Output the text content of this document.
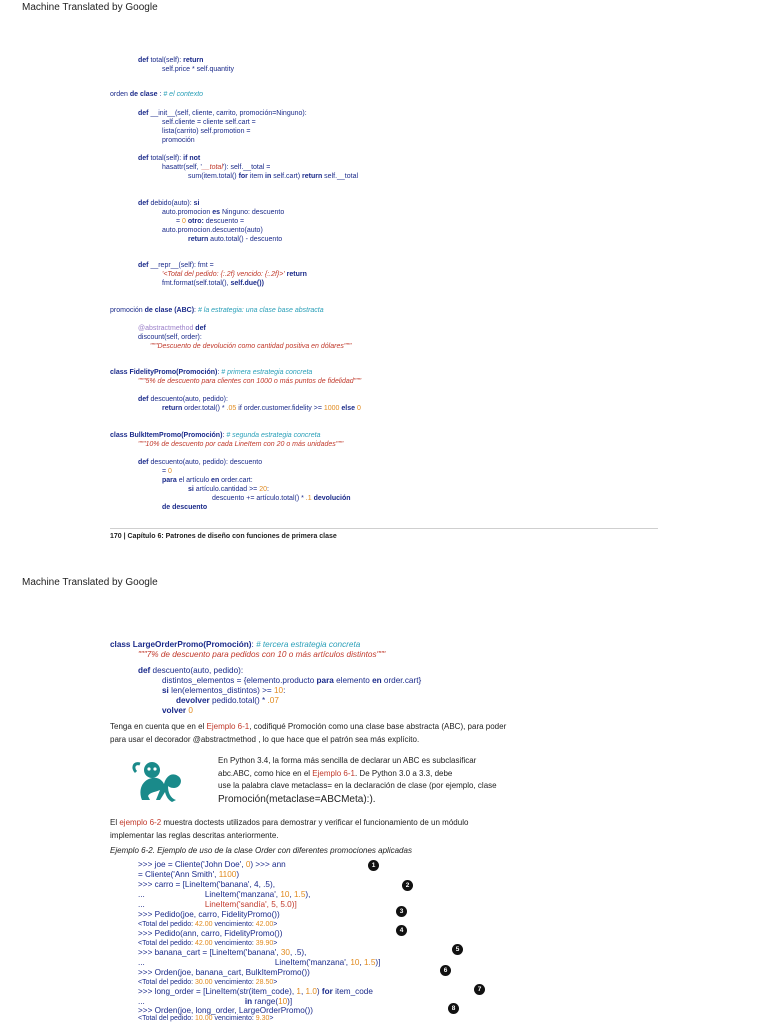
Machine Translated by Google
def total(self): return
self.price * self.quantity
orden de clase : # el contexto
def __init__(self, cliente, carrito, promoción=Ninguno):
self.cliente = cliente self.cart =
lista(carrito) self.promotion =
promoción
def total(self): if not
hasattr(self, '__total'): self.__total =
sum(item.total() for item in self.cart) return self.__total
def debido(auto): si
auto.promocion es Ninguno: descuento
= 0 otro: descuento =
auto.promocion.descuento(auto)
return auto.total() - descuento
def __repr__(self): fmt =
'<Total del pedido: {:.2f} vencido: {:.2f}>' return
fmt.format(self.total(), self.due())
promoción de clase (ABC): # la estrategia: una clase base abstracta
@abstractmethod def
discount(self, order):
"""Descuento de devolución como cantidad positiva en dólares"""
class FidelityPromo(Promoción): # primera estrategia concreta
"""5% de descuento para clientes con 1000 o más puntos de fidelidad"""
def descuento(auto, pedido):
return order.total() * .05 if order.customer.fidelity >= 1000 else 0
class BulkItemPromo(Promoción): # segunda estrategia concreta
"""10% de descuento por cada LineItem con 20 o más unidades"""
def descuento(auto, pedido): descuento
= 0
para el artículo en order.cart:
si artículo.cantidad >= 20:
descuento += artículo.total() * .1 devolución
de descuento
170 | Capítulo 6: Patrones de diseño con funciones de primera clase
Machine Translated by Google
class LargeOrderPromo(Promoción): # tercera estrategia concreta
"""7% de descuento para pedidos con 10 o más artículos distintos"""
def descuento(auto, pedido):
distintos_elementos = {elemento.producto para elemento en order.cart}
si len(elementos_distintos) >= 10:
devolver pedido.total() * .07
volver 0
Tenga en cuenta que en el Ejemplo 6-1, codifiqué Promoción como una clase base abstracta (ABC), para poder
para usar el decorador @abstractmethod , lo que hace que el patrón sea más explícito.
En Python 3.4, la forma más sencilla de declarar un ABC es subclasificar
abc.ABC, como hice en el Ejemplo 6-1. De Python 3.0 a 3.3, debe
use la palabra clave metaclass= en la declaración de clase (por ejemplo, clase
Promoción(metaclase=ABCMeta):).
El ejemplo 6-2 muestra doctests utilizados para demostrar y verificar el funcionamiento de un módulo
implementar las reglas descritas anteriormente.
Ejemplo 6-2. Ejemplo de uso de la clase Order con diferentes promociones aplicadas
>>> joe = Cliente('John Doe', 0) >>> ann
= Cliente('Ann Smith', 1100)
>>> carro = [LineItem('banana', 4, .5),
...	LineItem('manzana', 10, 1.5),
...	LineItem('sandía', 5, 5.0)]
>>> Pedido(joe, carro, FidelityPromo())
<Total del pedido: 42.00 vencimiento: 42.00>
>>> Pedido(ann, carro, FidelityPromo())
<Total del pedido: 42.00 vencimiento: 39.90>
>>> banana_cart = [LineItem('banana', 30, .5),
...	LineItem('manzana', 10, 1.5)]
>>> Orden(joe, banana_cart, BulkItemPromo())
<Total del pedido: 30.00 vencimiento: 28.50>
>>> long_order = [LineItem(str(item_code), 1, 1.0) for item_code
...	in range(10)]
>>> Orden(joe, long_order, LargeOrderPromo())
<Total del pedido: 10.00 vencimiento: 9.30>
1
2
3
4
5
6
7
8
